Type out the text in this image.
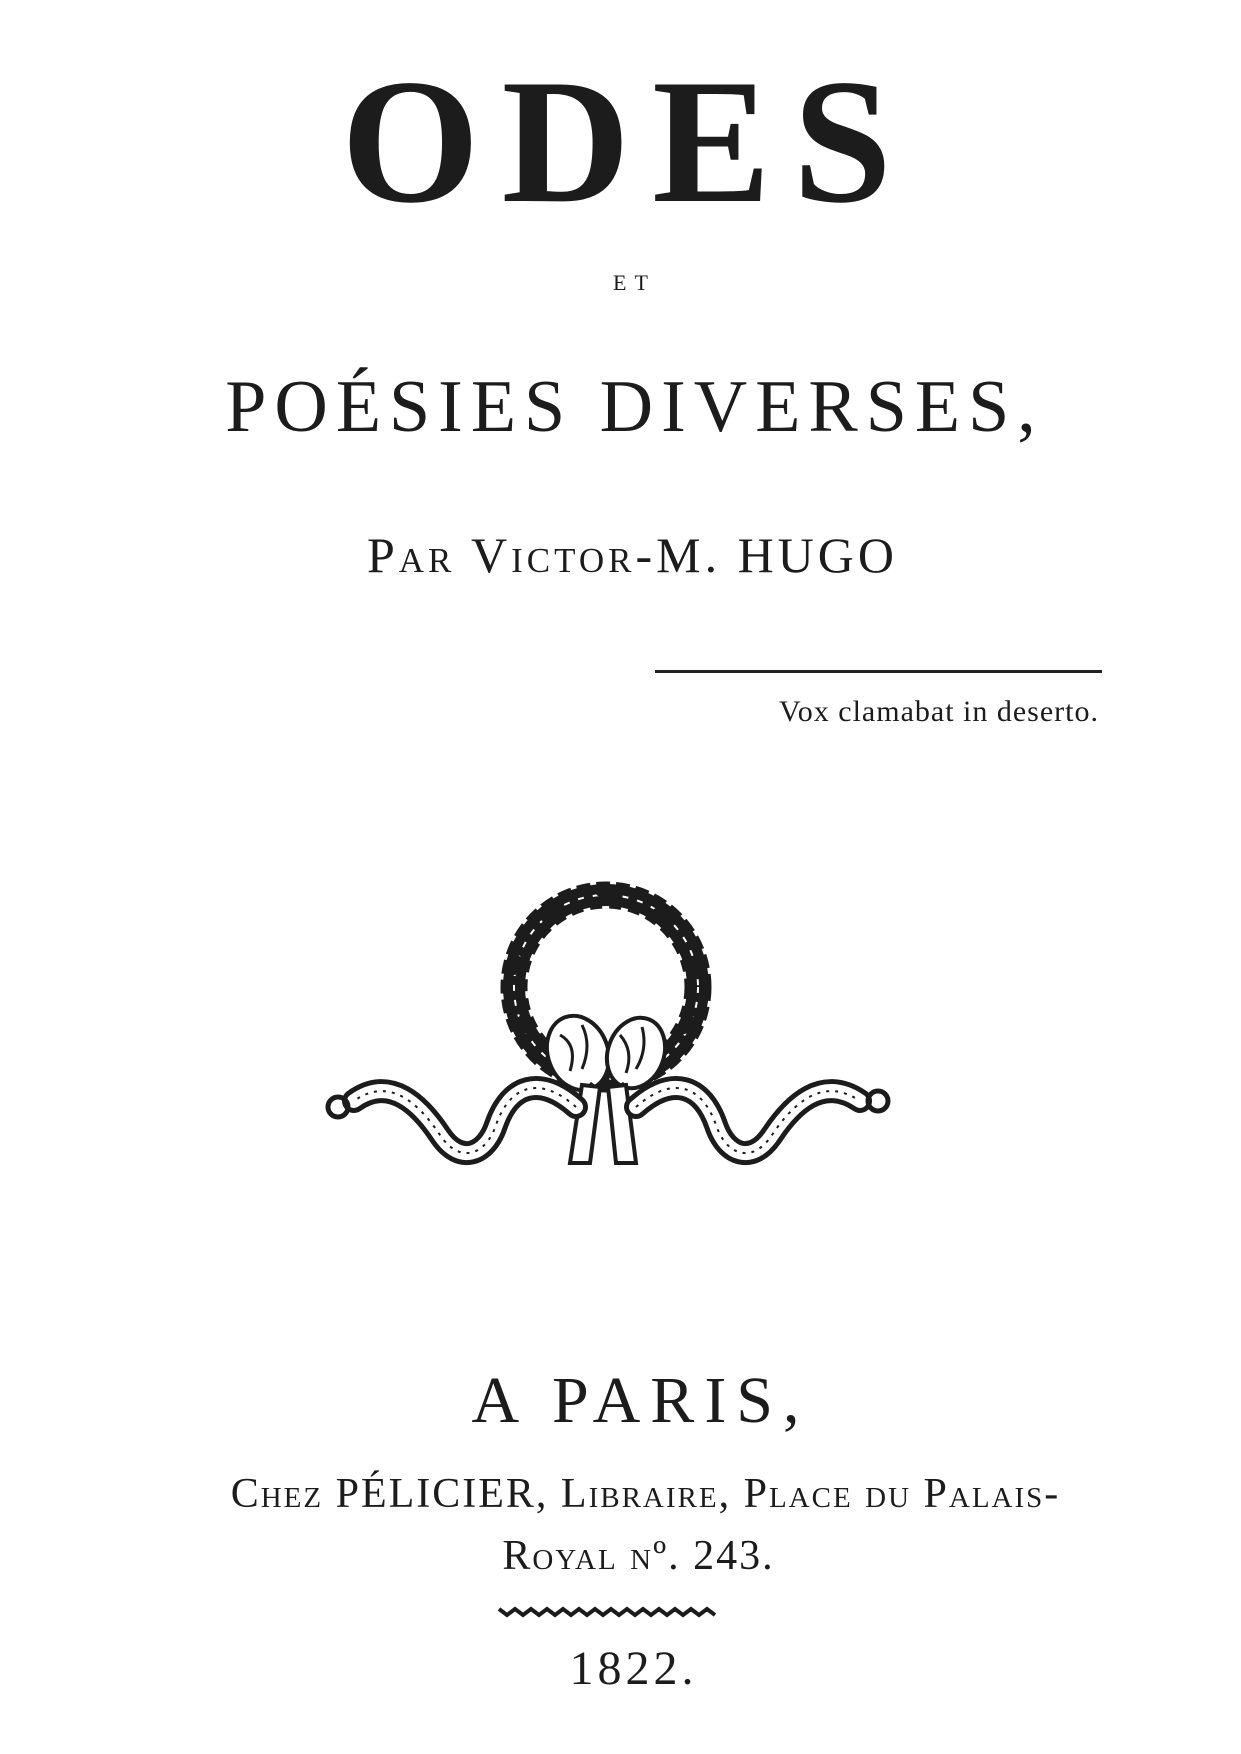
ODES
ET
POÉSIES DIVERSES,
Par Victor-M. HUGO
Vox clamabat in deserto.
A PARIS,
Chez PÉLICIER, Libraire, Place du Palais-
Royal nº. 243.
1822.
